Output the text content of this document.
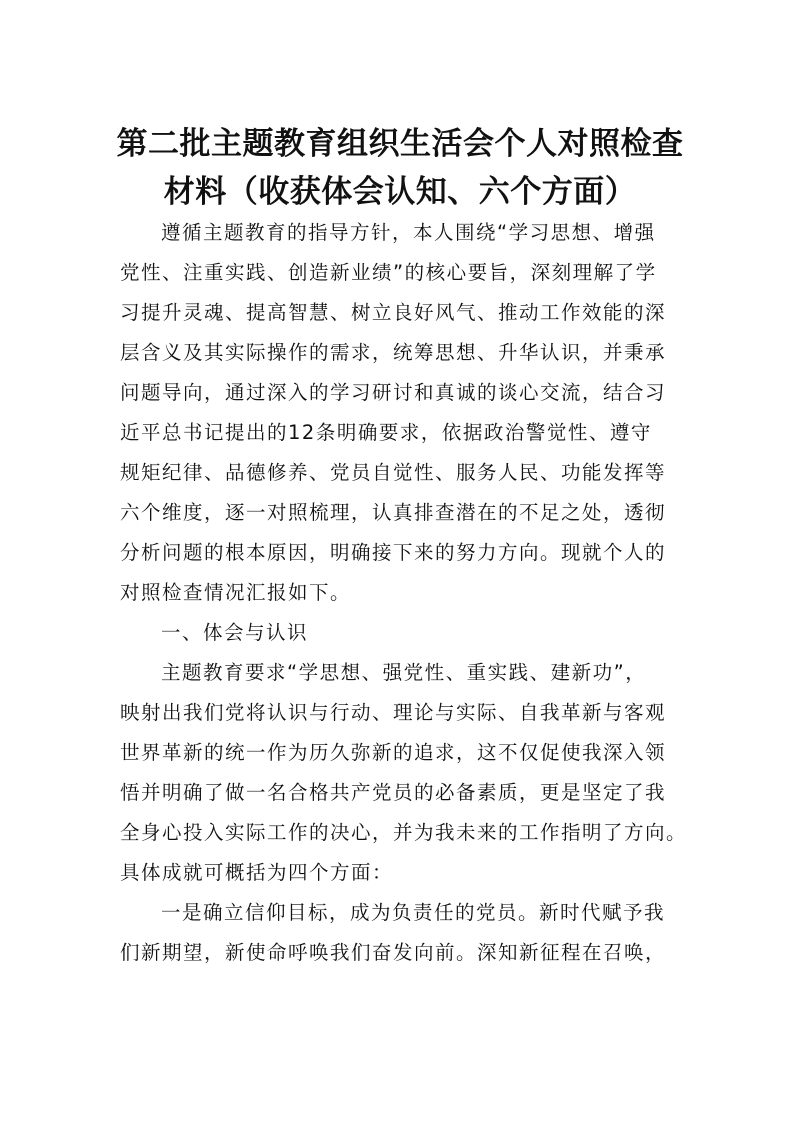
第二批主题教育组织生活会个人对照检查
材料（收获体会认知、六个方面）
遵循主题教育的指导方针，本人围绕“学习思想、增强
党性、注重实践、创造新业绩”的核心要旨，深刻理解了学
习提升灵魂、提高智慧、树立良好风气、推动工作效能的深
层含义及其实际操作的需求，统筹思想、升华认识，并秉承
问题导向，通过深入的学习研讨和真诚的谈心交流，结合习
近平总书记提出的12条明确要求，依据政治警觉性、遵守
规矩纪律、品德修养、党员自觉性、服务人民、功能发挥等
六个维度，逐一对照梳理，认真排查潜在的不足之处，透彻
分析问题的根本原因，明确接下来的努力方向。现就个人的
对照检查情况汇报如下。
一、体会与认识
主题教育要求“学思想、强党性、重实践、建新功”，
映射出我们党将认识与行动、理论与实际、自我革新与客观
世界革新的统一作为历久弥新的追求，这不仅促使我深入领
悟并明确了做一名合格共产党员的必备素质，更是坚定了我
全身心投入实际工作的决心，并为我未来的工作指明了方向。
具体成就可概括为四个方面：
一是确立信仰目标，成为负责任的党员。新时代赋予我
们新期望，新使命呼唤我们奋发向前。深知新征程在召唤，
